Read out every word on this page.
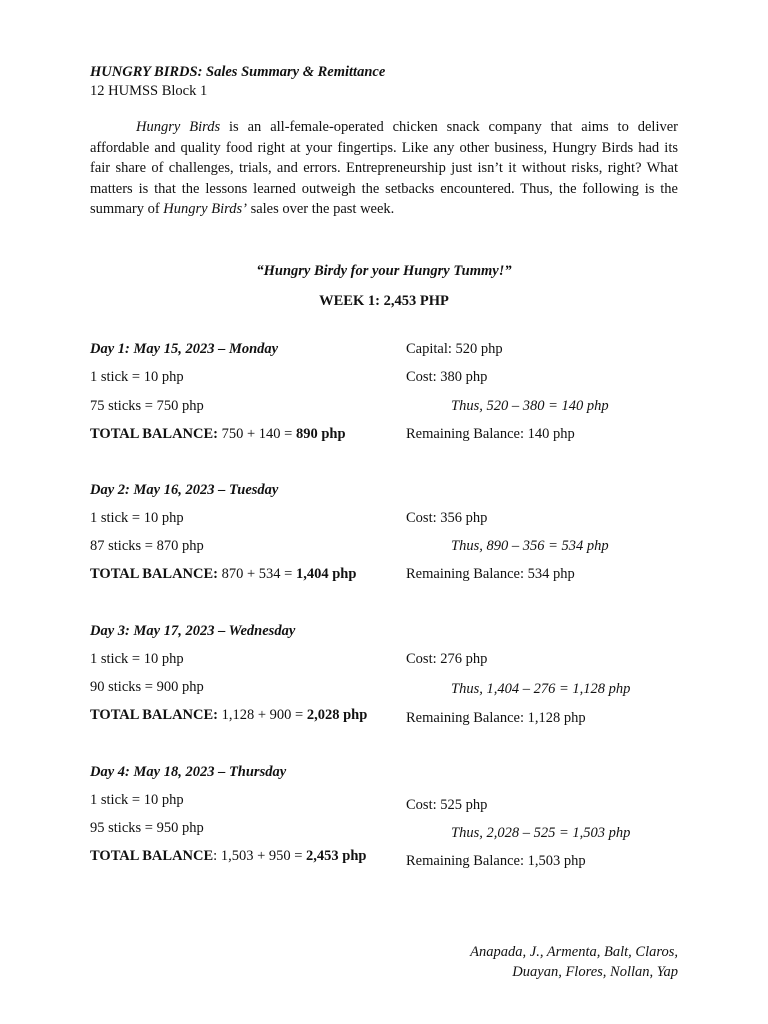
HUNGRY BIRDS: Sales Summary & Remittance
12 HUMSS Block 1

Hungry Birds is an all-female-operated chicken snack company that aims to deliver affordable and quality food right at your fingertips. Like any other business, Hungry Birds had its fair share of challenges, trials, and errors. Entrepreneurship just isn’t it without risks, right? What matters is that the lessons learned outweigh the setbacks encountered. Thus, the following is the summary of Hungry Birds’ sales over the past week.

“Hungry Birdy for your Hungry Tummy!”
WEEK 1: 2,453 PHP
Day 1: May 15, 2023 – Monday
1 stick = 10 php
75 sticks = 750 php
TOTAL BALANCE: 750 + 140 = 890 php
Capital: 520 php
Cost: 380 php
Thus, 520 – 380 = 140 php
Remaining Balance: 140 php
Day 2: May 16, 2023 – Tuesday
1 stick = 10 php
87 sticks = 870 php
TOTAL BALANCE: 870 + 534 = 1,404 php
Cost: 356 php
Thus, 890 – 356 = 534 php
Remaining Balance: 534 php
Day 3: May 17, 2023 – Wednesday
1 stick = 10 php
90 sticks = 900 php
TOTAL BALANCE: 1,128 + 900 = 2,028 php
Cost: 276 php
Thus, 1,404 – 276 = 1,128 php
Remaining Balance: 1,128 php
Day 4: May 18, 2023 – Thursday
1 stick = 10 php
95 sticks = 950 php
TOTAL BALANCE: 1,503 + 950 = 2,453 php
Cost: 525 php
Thus, 2,028 – 525 = 1,503 php
Remaining Balance: 1,503 php
Anapada, J., Armenta, Balt, Claros,
Duayan, Flores, Nollan, Yap
